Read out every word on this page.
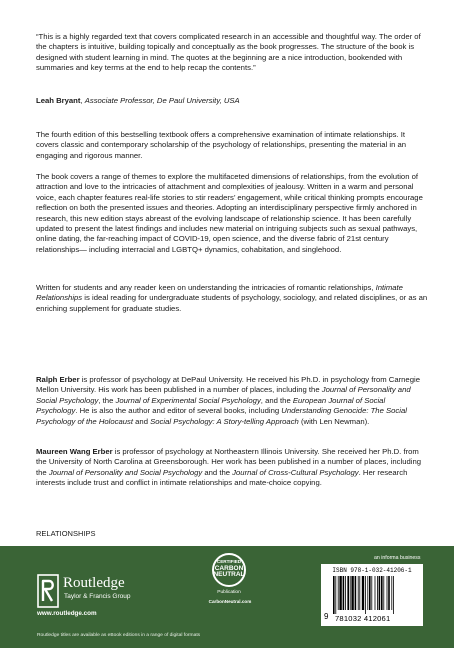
“This is a highly regarded text that covers complicated research in an accessible and thoughtful way. The order of the chapters is intuitive, building topically and conceptually as the book progresses. The structure of the book is designed with student learning in mind. The quotes at the beginning are a nice introduction, bookended with summaries and key terms at the end to help recap the contents.”

Leah Bryant, Associate Professor, De Paul University, USA

The fourth edition of this bestselling textbook offers a comprehensive examination of intimate relationships. It covers classic and contemporary scholarship of the psychology of relationships, presenting the material in an engaging and rigorous manner.

The book covers a range of themes to explore the multifaceted dimensions of relationships, from the evolution of attraction and love to the intricacies of attachment and complexities of jealousy. Written in a warm and personal voice, each chapter features real-life stories to stir readers’ engagement, while critical thinking prompts encourage reflection on both the presented issues and theories. Adopting an interdisciplinary perspective firmly anchored in research, this new edition stays abreast of the evolving landscape of relationship science. It has been carefully updated to present the latest findings and includes new material on intriguing subjects such as sexual pathways, online dating, the far-reaching impact of COVID-19, open science, and the diverse fabric of 21st century relationships— including interracial and LGBTQ+ dynamics, cohabitation, and singlehood.

Written for students and any reader keen on understanding the intricacies of romantic relationships, Intimate Relationships is ideal reading for undergraduate students of psychology, sociology, and related disciplines, or as an enriching supplement for graduate studies.

Ralph Erber is professor of psychology at DePaul University. He received his Ph.D. in psychology from Carnegie Mellon University. His work has been published in a number of places, including the Journal of Personality and Social Psychology, the Journal of Experimental Social Psychology, and the European Journal of Social Psychology. He is also the author and editor of several books, including Understanding Genocide: The Social Psychology of the Holocaust and Social Psychology: A Story-telling Approach (with Len Newman).

Maureen Wang Erber is professor of psychology at Northeastern Illinois University. She received her Ph.D. from the University of North Carolina at Greensborough. Her work has been published in a number of places, including the Journal of Personality and Social Psychology and the Journal of Cross-Cultural Psychology. Her research interests include trust and conflict in intimate relationships and mate-choice copying.

RELATIONSHIPS

Routledge
Taylor & Francis Group
www.routledge.com
CERTIFIED
CARBON
NEUTRAL
Publication
CarbonNeutral.com
an informa business
ISBN 978-1-032-41206-1
9 781032 412061
Routledge titles are available as eBook editions in a range of digital formats
